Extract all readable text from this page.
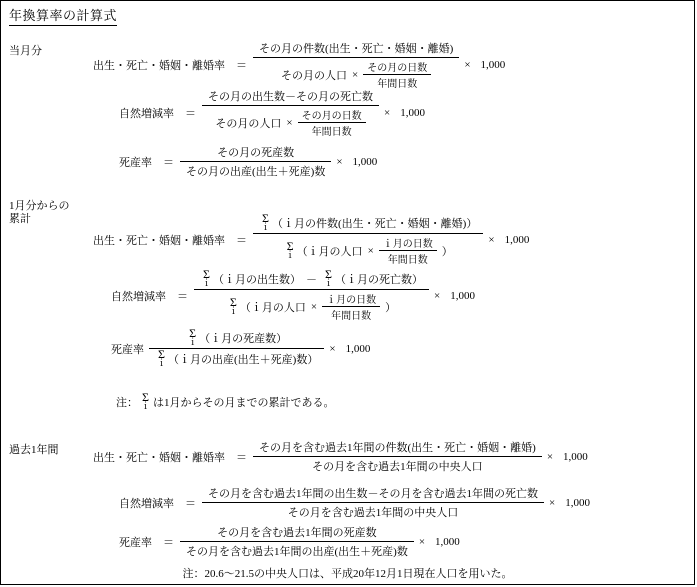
年換算率の計算式
当月分
出生・死亡・婚姻・離婚率	＝
その月の件数(出生・死亡・婚姻・離婚)
その月の人口 × $\frac{\text{その月の日数}}{\text{年間日数}}$	× 1,000
自然増減率	＝
その月の出生数－その月の死亡数
その月の人口 × $\frac{\text{その月の日数}}{\text{年間日数}}$	× 1,000
死産率	＝ $\frac{\text{その月の死産数}}{\text{その月の出産(出生＋死産)数}} \times 1,000$
1月分からの
累計
出生・死亡・婚姻・離婚率	＝
Σ
ｉ （ｉ月の件数(出生・死亡・婚姻・離婚)）
Σ
ｉ （ｉ月の人口 × $\frac{\text{ｉ月の日数}}{\text{年間日数}}$ ）
× 1,000
自然増減率	＝
Σ
ｉ （ｉ月の出生数） － Σ
ｉ （ｉ月の死亡数）
Σ
ｉ （ｉ月の人口 × $\frac{\text{ｉ月の日数}}{\text{年間日数}}$ ）
× 1,000
死産率 Σ
ｉ （ｉ月の死産数）
Σ
ｉ （ｉ月の出産(出生＋死産)数） × 1,000
注： Σ
ｉ は1月からその月までの累計である。
過去1年間
出生・死亡・婚姻・離婚率	＝ $\frac{\text{その月を含む過去1年間の件数(出生・死亡・婚姻・離婚)}}{\text{その月を含む過去1年間の中央人口}} \times 1,000$
自然増減率	＝ $\frac{\text{その月を含む過去1年間の出生数－その月を含む過去1年間の死亡数}}{\text{その月を含む過去1年間の中央人口}} \times 1,000$
死産率	＝ $\frac{\text{その月を含む過去1年間の死産数}}{\text{その月を含む過去1年間の出産(出生＋死産)数}} \times 1,000$
注：20.6～21.5の中央人口は、平成20年12月1日現在人口を用いた。
